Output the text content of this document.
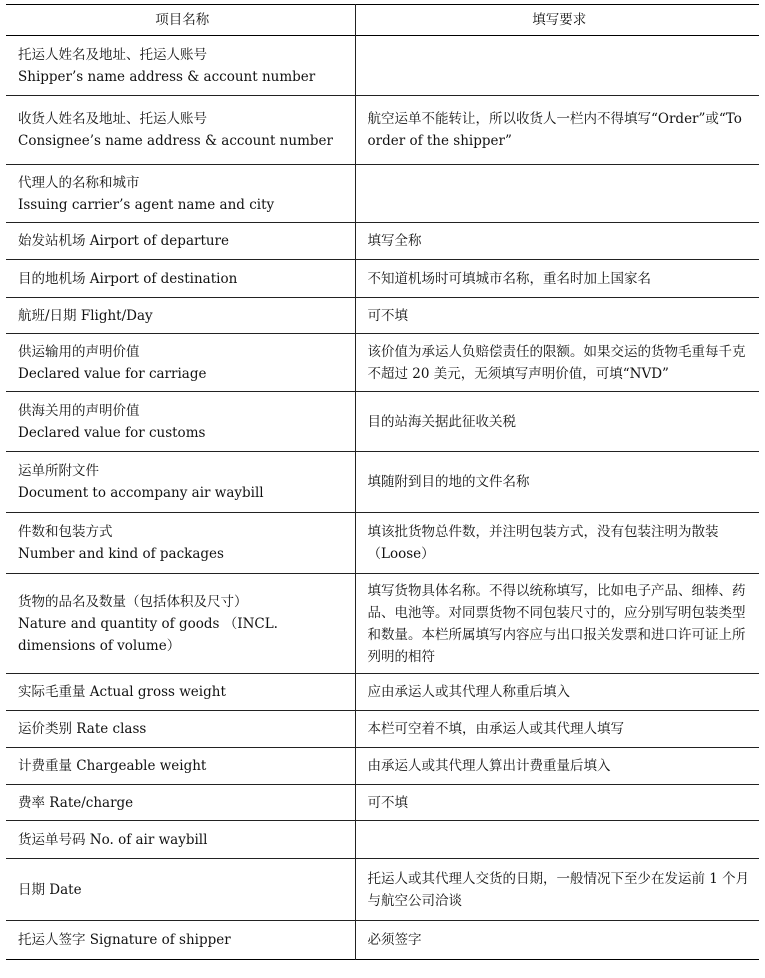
项目名称	填写要求

托运人姓名及地址、托运人账号
Shipper’s name address & account number	

收货人姓名及地址、托运人账号
Consignee’s name address & account number	航空运单不能转让，所以收货人一栏内不得填写“Order”或“To order of the shipper”

代理人的名称和城市
Issuing carrier’s agent name and city	

始发站机场 Airport of departure	填写全称

目的地机场 Airport of destination	不知道机场时可填城市名称，重名时加上国家名

航班/日期 Flight/Day	可不填

供运输用的声明价值
Declared value for carriage	该价值为承运人负赔偿责任的限额。如果交运的货物毛重每千克不超过 20 美元，无须填写声明价值，可填“NVD”

供海关用的声明价值
Declared value for customs	目的站海关据此征收关税

运单所附文件
Document to accompany air waybill	填随附到目的地的文件名称

件数和包装方式
Number and kind of packages	填该批货物总件数，并注明包装方式，没有包装注明为散装（Loose）

货物的品名及数量（包括体积及尺寸）
Nature and quantity of goods （INCL. dimensions of volume）	填写货物具体名称。不得以统称填写，比如电子产品、细棒、药品、电池等。对同票货物不同包装尺寸的，应分别写明包装类型和数量。本栏所属填写内容应与出口报关发票和进口许可证上所列明的相符

实际毛重量 Actual gross weight	应由承运人或其代理人称重后填入

运价类别 Rate class	本栏可空着不填，由承运人或其代理人填写

计费重量 Chargeable weight	由承运人或其代理人算出计费重量后填入

费率 Rate/charge	可不填

货运单号码 No. of air waybill	

日期 Date	托运人或其代理人交货的日期，一般情况下至少在发运前 1 个月与航空公司洽谈

托运人签字 Signature of shipper	必须签字
